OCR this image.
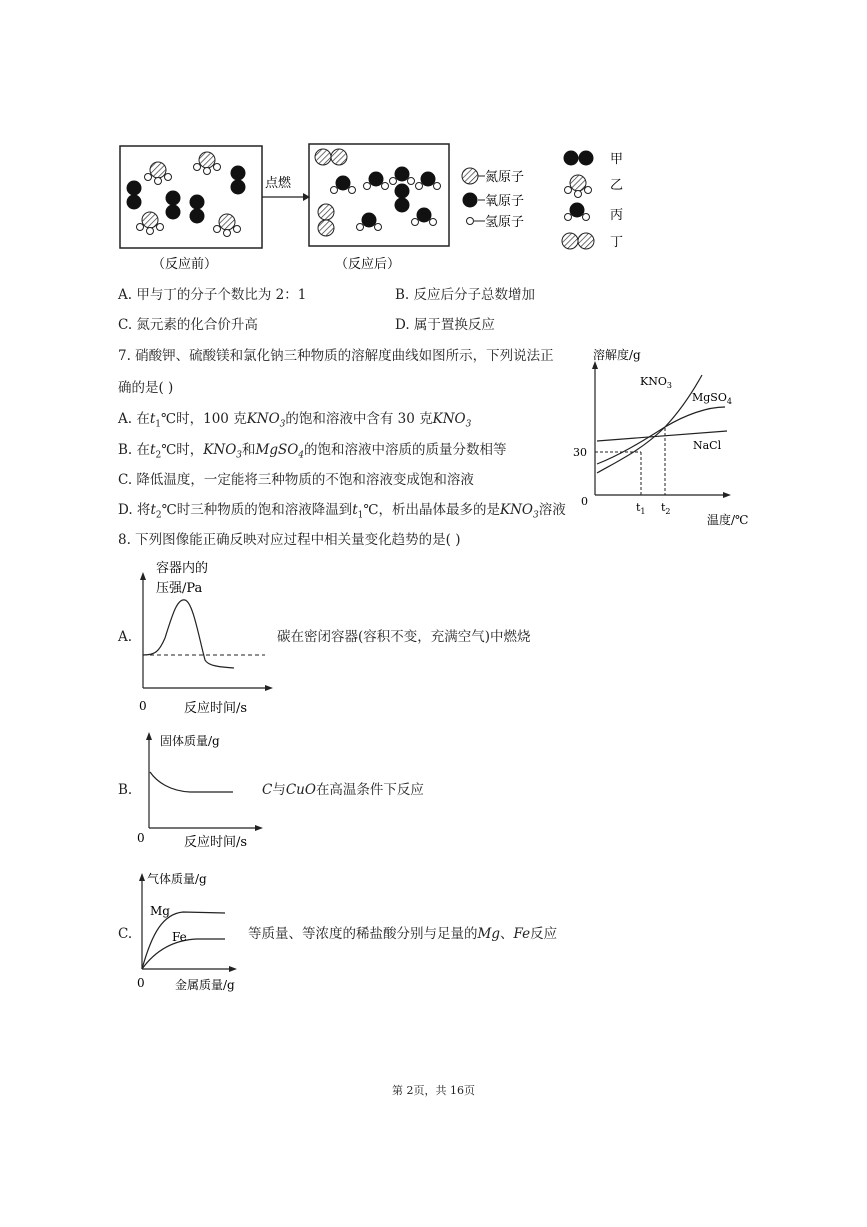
点燃	氮原子
氧原子
氢原子
甲
乙
丙
丁
（反应前）	（反应后）
A. 甲与丁的分子个数比为 2：1	B. 反应后分子总数增加
C. 氮元素的化合价升高	D. 属于置换反应
7. 硝酸钾、硫酸镁和氯化钠三种物质的溶解度曲线如图所示，下列说法正
确的是( )
A. 在$t_1℃$时，100 克$KNO_3$的饱和溶液中含有 30 克$KNO_3$
B. 在$t_2℃$时，$KNO_3$和MgSO$_4$的饱和溶液中溶质的质量分数相等
C. 降低温度，一定能将三种物质的不饱和溶液变成饱和溶液
D. 将$t_2℃$时三种物质的饱和溶液降温到$t_1℃$，析出晶体最多的是$KNO_3$溶液
溶解度/g
温度/℃
0
30
$t_1$ $t_2$
$KNO_3$
MgSO$_4$
NaCl
8. 下列图像能正确反映对应过程中相关量变化趋势的是( )
A.
容器内的
压强/Pa
0	反应时间/s
碳在密闭容器(容积不变，充满空气)中燃烧
B.
固体质量/g
0	反应时间/s
C与CuO在高温条件下反应
C.
气体质量/g
Mg
Fe
0	金属质量/g
等质量、等浓度的稀盐酸分别与足量的Mg、Fe反应
第 2页，共 16页
